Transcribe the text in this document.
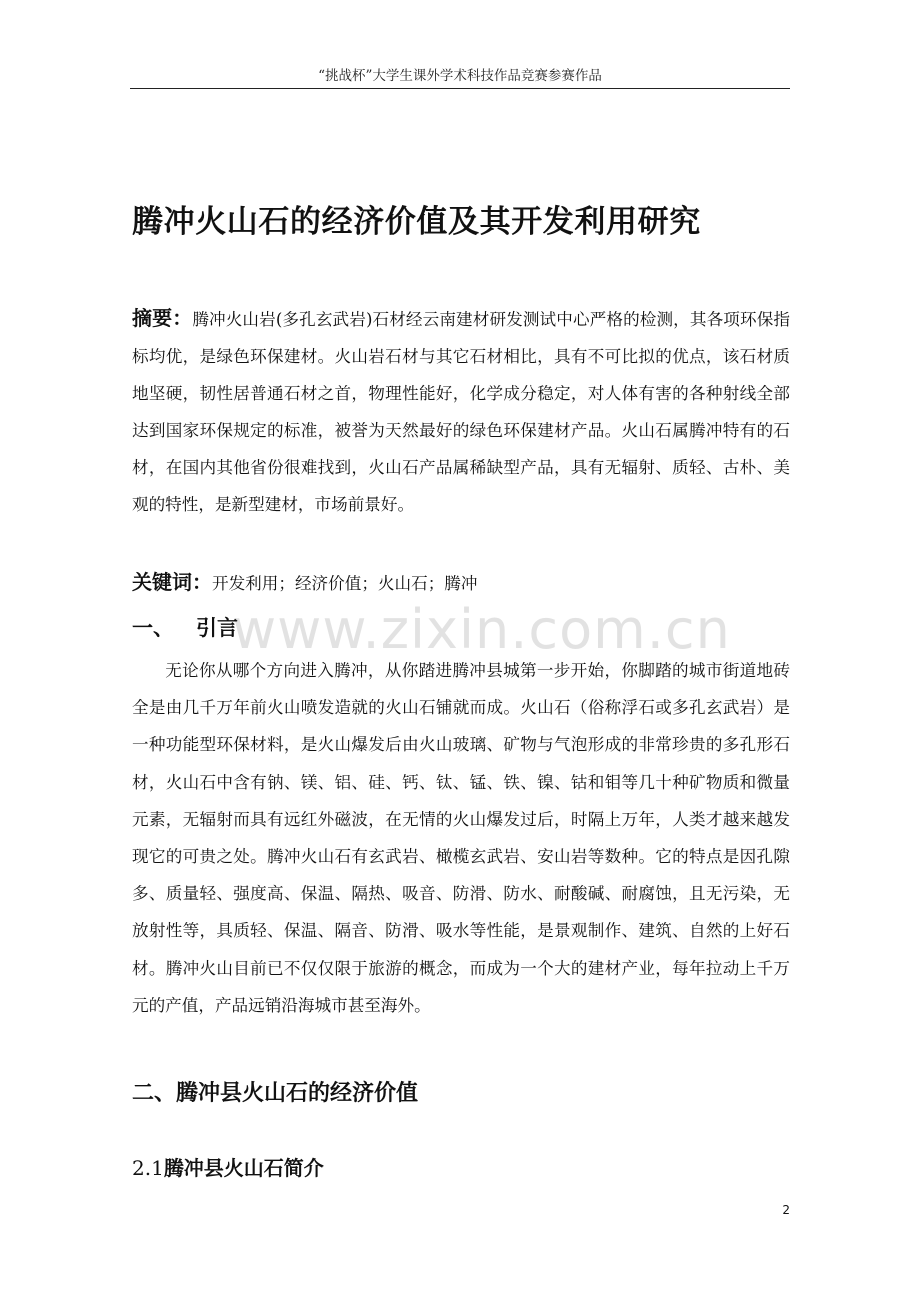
“挑战杯”大学生课外学术科技作品竞赛参赛作品
腾冲火山石的经济价值及其开发利用研究
摘要：腾冲火山岩(多孔玄武岩)石材经云南建材研发测试中心严格的检测，其各项环保指标均优，是绿色环保建材。火山岩石材与其它石材相比，具有不可比拟的优点，该石材质地坚硬，韧性居普通石材之首，物理性能好，化学成分稳定，对人体有害的各种射线全部达到国家环保规定的标准，被誉为天然最好的绿色环保建材产品。火山石属腾冲特有的石材，在国内其他省份很难找到，火山石产品属稀缺型产品，具有无辐射、质轻、古朴、美观的特性，是新型建材，市场前景好。
关键词：开发利用；经济价值；火山石；腾冲
www.zixin.com.cn
一、 引言
无论你从哪个方向进入腾冲，从你踏进腾冲县城第一步开始，你脚踏的城市街道地砖全是由几千万年前火山喷发造就的火山石铺就而成。火山石（俗称浮石或多孔玄武岩）是一种功能型环保材料，是火山爆发后由火山玻璃、矿物与气泡形成的非常珍贵的多孔形石材，火山石中含有钠、镁、铝、硅、钙、钛、锰、铁、镍、钴和钼等几十种矿物质和微量元素，无辐射而具有远红外磁波，在无情的火山爆发过后，时隔上万年，人类才越来越发现它的可贵之处。腾冲火山石有玄武岩、橄榄玄武岩、安山岩等数种。它的特点是因孔隙多、质量轻、强度高、保温、隔热、吸音、防滑、防水、耐酸碱、耐腐蚀，且无污染，无放射性等，具质轻、保温、隔音、防滑、吸水等性能，是景观制作、建筑、自然的上好石材。腾冲火山目前已不仅仅限于旅游的概念，而成为一个大的建材产业，每年拉动上千万元的产值，产品远销沿海城市甚至海外。
二、腾冲县火山石的经济价值
2.1腾冲县火山石简介
2
